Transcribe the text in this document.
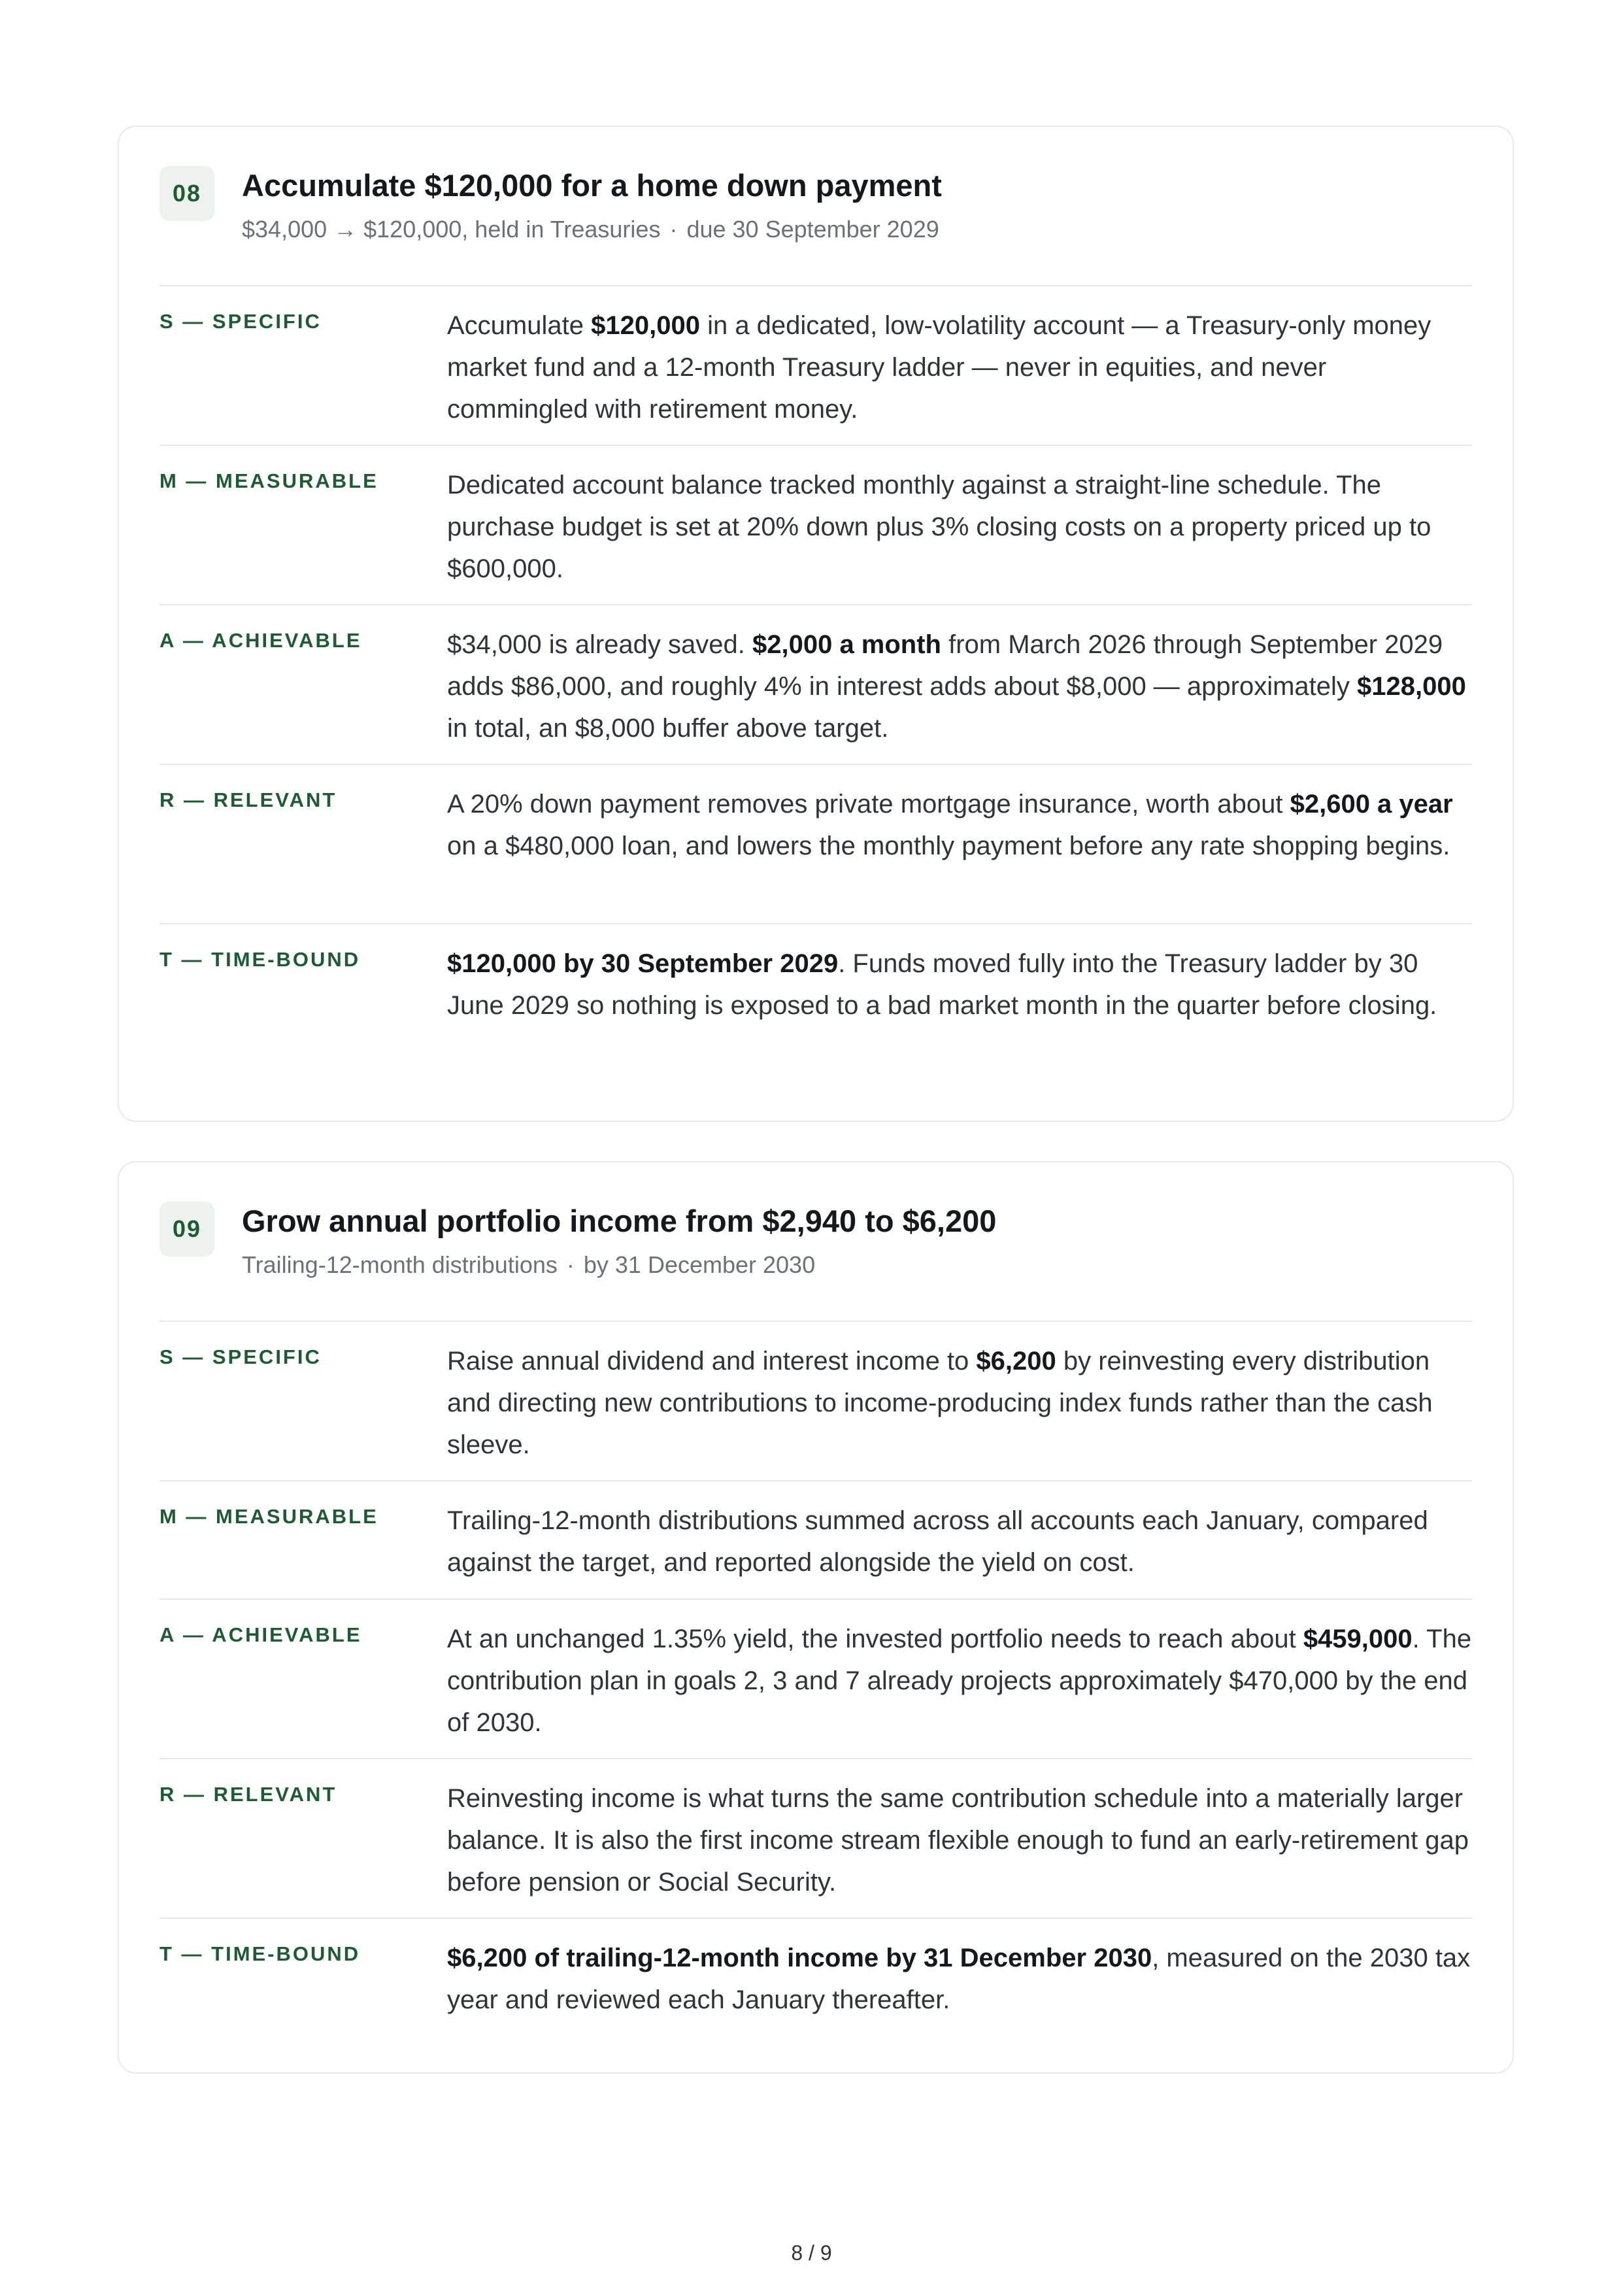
08	Accumulate $120,000 for a home down payment
$34,000 → $120,000, held in Treasuries · due 30 September 2029
S — SPECIFIC	Accumulate $120,000 in a dedicated, low-volatility account — a Treasury-only money market fund and a 12-month Treasury ladder — never in equities, and never commingled with retirement money.
M — MEASURABLE	Dedicated account balance tracked monthly against a straight-line schedule. The purchase budget is set at 20% down plus 3% closing costs on a property priced up to $600,000.
A — ACHIEVABLE	$34,000 is already saved. $2,000 a month from March 2026 through September 2029 adds $86,000, and roughly 4% in interest adds about $8,000 — approximately $128,000 in total, an $8,000 buffer above target.
R — RELEVANT	A 20% down payment removes private mortgage insurance, worth about $2,600 a year on a $480,000 loan, and lowers the monthly payment before any rate shopping begins.
T — TIME-BOUND	$120,000 by 30 September 2029. Funds moved fully into the Treasury ladder by 30 June 2029 so nothing is exposed to a bad market month in the quarter before closing.
09	Grow annual portfolio income from $2,940 to $6,200
Trailing-12-month distributions · by 31 December 2030
S — SPECIFIC	Raise annual dividend and interest income to $6,200 by reinvesting every distribution and directing new contributions to income-producing index funds rather than the cash sleeve.
M — MEASURABLE	Trailing-12-month distributions summed across all accounts each January, compared against the target, and reported alongside the yield on cost.
A — ACHIEVABLE	At an unchanged 1.35% yield, the invested portfolio needs to reach about $459,000. The contribution plan in goals 2, 3 and 7 already projects approximately $470,000 by the end of 2030.
R — RELEVANT	Reinvesting income is what turns the same contribution schedule into a materially larger balance. It is also the first income stream flexible enough to fund an early-retirement gap before pension or Social Security.
T — TIME-BOUND	$6,200 of trailing-12-month income by 31 December 2030, measured on the 2030 tax year and reviewed each January thereafter.
8 / 9
